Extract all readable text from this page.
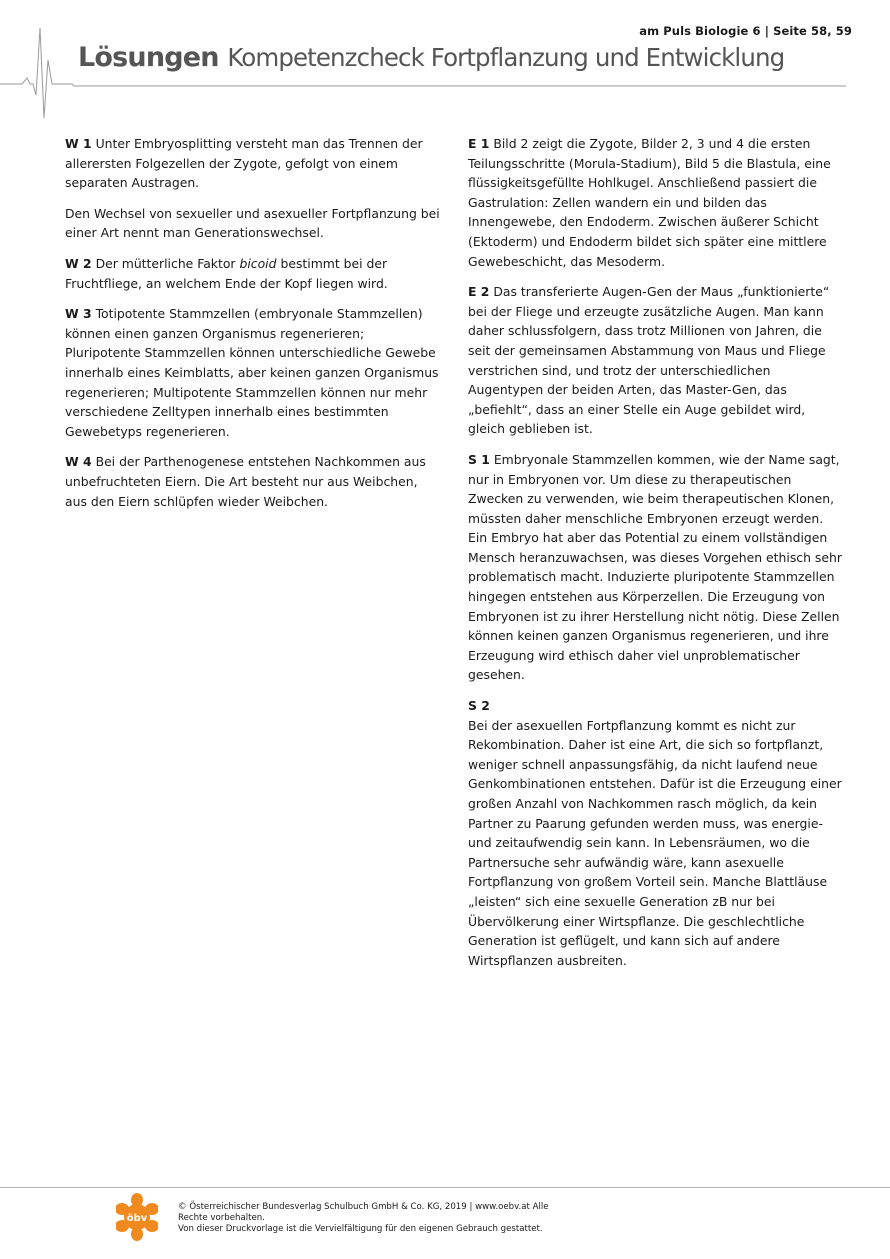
am Puls Biologie 6 | Seite 58, 59
Lösungen Kompetenzcheck Fortpflanzung und Entwicklung

W 1 Unter Embryosplitting versteht man das Trennen der allerersten Folgezellen der Zygote, gefolgt von einem separaten Austragen.

Den Wechsel von sexueller und asexueller Fortpflanzung bei einer Art nennt man Generationswechsel.

W 2 Der mütterliche Faktor bicoid bestimmt bei der Fruchtfliege, an welchem Ende der Kopf liegen wird.

W 3 Totipotente Stammzellen (embryonale Stammzellen) können einen ganzen Organismus regenerieren; Pluripotente Stammzellen können unterschiedliche Gewebe innerhalb eines Keimblatts, aber keinen ganzen Organismus regenerieren; Multipotente Stammzellen können nur mehr verschiedene Zelltypen innerhalb eines bestimmten Gewebetyps regenerieren.

W 4 Bei der Parthenogenese entstehen Nachkommen aus unbefruchteten Eiern. Die Art besteht nur aus Weibchen, aus den Eiern schlüpfen wieder Weibchen.

E 1 Bild 2 zeigt die Zygote, Bilder 2, 3 und 4 die ersten Teilungsschritte (Morula-Stadium), Bild 5 die Blastula, eine flüssigkeitsgefüllte Hohlkugel. Anschließend passiert die Gastrulation: Zellen wandern ein und bilden das Innengewebe, den Endoderm. Zwischen äußerer Schicht (Ektoderm) und Endoderm bildet sich später eine mittlere Gewebeschicht, das Mesoderm.

E 2 Das transferierte Augen-Gen der Maus „funktionierte“ bei der Fliege und erzeugte zusätzliche Augen. Man kann daher schlussfolgern, dass trotz Millionen von Jahren, die seit der gemeinsamen Abstammung von Maus und Fliege verstrichen sind, und trotz der unterschiedlichen Augentypen der beiden Arten, das Master-Gen, das „befiehlt“, dass an einer Stelle ein Auge gebildet wird, gleich geblieben ist.

S 1 Embryonale Stammzellen kommen, wie der Name sagt, nur in Embryonen vor. Um diese zu therapeutischen Zwecken zu verwenden, wie beim therapeutischen Klonen, müssten daher menschliche Embryonen erzeugt werden. Ein Embryo hat aber das Potential zu einem vollständigen Mensch heranzuwachsen, was dieses Vorgehen ethisch sehr problematisch macht. Induzierte pluripotente Stammzellen hingegen entstehen aus Körperzellen. Die Erzeugung von Embryonen ist zu ihrer Herstellung nicht nötig. Diese Zellen können keinen ganzen Organismus regenerieren, und ihre Erzeugung wird ethisch daher viel unproblematischer gesehen.

S 2
Bei der asexuellen Fortpflanzung kommt es nicht zur Rekombination. Daher ist eine Art, die sich so fortpflanzt, weniger schnell anpassungsfähig, da nicht laufend neue Genkombinationen entstehen. Dafür ist die Erzeugung einer großen Anzahl von Nachkommen rasch möglich, da kein Partner zu Paarung gefunden werden muss, was energie- und zeitaufwendig sein kann. In Lebensräumen, wo die Partnersuche sehr aufwändig wäre, kann asexuelle Fortpflanzung von großem Vorteil sein. Manche Blattläuse „leisten“ sich eine sexuelle Generation zB nur bei Übervölkerung einer Wirtspflanze. Die geschlechtliche Generation ist geflügelt, und kann sich auf andere Wirtspflanzen ausbreiten.

öbv
© Österreichischer Bundesverlag Schulbuch GmbH & Co. KG, 2019 | www.oebv.at Alle
Rechte vorbehalten.
Von dieser Druckvorlage ist die Vervielfältigung für den eigenen Gebrauch gestattet.
